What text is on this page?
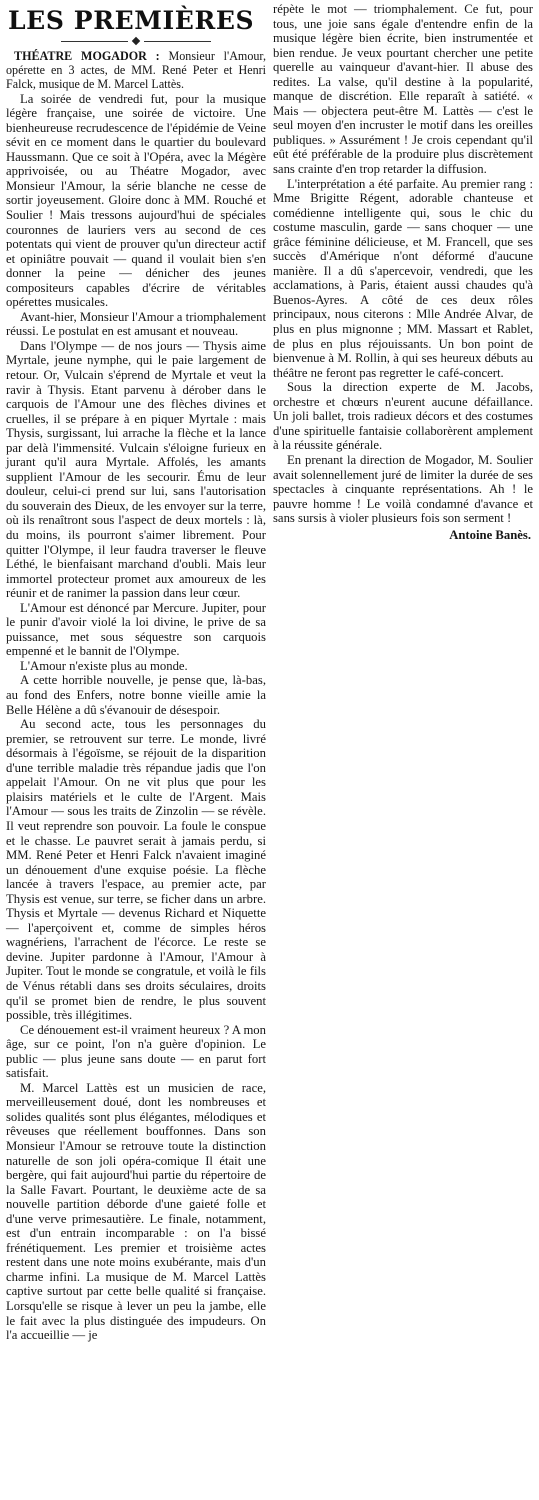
LES PREMIÈRES

THÉATRE MOGADOR : Monsieur l'Amour, opérette en 3 actes, de MM. René Peter et Henri Falck, musique de M. Marcel Lattès.

La soirée de vendredi fut, pour la musique légère française, une soirée de victoire. Une bienheureuse recrudescence de l'épidémie de Veine sévit en ce moment dans le quartier du boulevard Haussmann. Que ce soit à l'Opéra, avec la Mégère apprivoisée, ou au Théatre Mogador, avec Monsieur l'Amour, la série blanche ne cesse de sortir joyeusement. Gloire donc à MM. Rouché et Soulier ! Mais tressons aujourd'hui de spéciales couronnes de lauriers vers au second de ces potentats qui vient de prouver qu'un directeur actif et opiniâtre pouvait — quand il voulait bien s'en donner la peine — dénicher des jeunes compositeurs capables d'écrire de véritables opérettes musicales.

Avant-hier, Monsieur l'Amour a triomphalement réussi. Le postulat en est amusant et nouveau.

Dans l'Olympe — de nos jours — Thysis aime Myrtale, jeune nymphe, qui le paie largement de retour. Or, Vulcain s'éprend de Myrtale et veut la ravir à Thysis. Etant parvenu à dérober dans le carquois de l'Amour une des flèches divines et cruelles, il se prépare à en piquer Myrtale : mais Thysis, surgissant, lui arrache la flèche et la lance par delà l'immensité. Vulcain s'éloigne furieux en jurant qu'il aura Myrtale. Affolés, les amants supplient l'Amour de les secourir. Ému de leur douleur, celui-ci prend sur lui, sans l'autorisation du souverain des Dieux, de les envoyer sur la terre, où ils renaîtront sous l'aspect de deux mortels : là, du moins, ils pourront s'aimer librement. Pour quitter l'Olympe, il leur faudra traverser le fleuve Léthé, le bienfaisant marchand d'oubli. Mais leur immortel protecteur promet aux amoureux de les réunir et de ranimer la passion dans leur cœur.

L'Amour est dénoncé par Mercure. Jupiter, pour le punir d'avoir violé la loi divine, le prive de sa puissance, met sous séquestre son carquois empenné et le bannit de l'Olympe.

L'Amour n'existe plus au monde.

A cette horrible nouvelle, je pense que, là-bas, au fond des Enfers, notre bonne vieille amie la Belle Hélène a dû s'évanouir de désespoir.

Au second acte, tous les personnages du premier, se retrouvent sur terre. Le monde, livré désormais à l'égoïsme, se réjouit de la disparition d'une terrible maladie très répandue jadis que l'on appelait l'Amour. On ne vit plus que pour les plaisirs matériels et le culte de l'Argent. Mais l'Amour — sous les traits de Zinzolin — se révèle. Il veut reprendre son pouvoir. La foule le conspue et le chasse. Le pauvret serait à jamais perdu, si MM. René Peter et Henri Falck n'avaient imaginé un dénouement d'une exquise poésie. La flèche lancée à travers l'espace, au premier acte, par Thysis est venue, sur terre, se ficher dans un arbre. Thysis et Myrtale — devenus Richard et Niquette — l'aperçoivent et, comme de simples héros wagnériens, l'arrachent de l'écorce. Le reste se devine. Jupiter pardonne à l'Amour, l'Amour à Jupiter. Tout le monde se congratule, et voilà le fils de Vénus rétabli dans ses droits séculaires, droits qu'il se promet bien de rendre, le plus souvent possible, très illégitimes.

Ce dénouement est-il vraiment heureux ? A mon âge, sur ce point, l'on n'a guère d'opinion. Le public — plus jeune sans doute — en parut fort satisfait.

M. Marcel Lattès est un musicien de race, merveilleusement doué, dont les nombreuses et solides qualités sont plus élégantes, mélodiques et rêveuses que réellement bouffonnes. Dans son Monsieur l'Amour se retrouve toute la distinction naturelle de son joli opéra-comique Il était une bergère, qui fait aujourd'hui partie du répertoire de la Salle Favart. Pourtant, le deuxième acte de sa nouvelle partition déborde d'une gaieté folle et d'une verve primesautière. Le finale, notamment, est d'un entrain incomparable : on l'a bissé frénétiquement. Les premier et troisième actes restent dans une note moins exubérante, mais d'un charme infini. La musique de M. Marcel Lattès captive surtout par cette belle qualité si française. Lorsqu'elle se risque à lever un peu la jambe, elle le fait avec la plus distinguée des impudeurs. On l'a accueillie — je

répète le mot — triomphalement. Ce fut, pour tous, une joie sans égale d'entendre enfin de la musique légère bien écrite, bien instrumentée et bien rendue. Je veux pourtant chercher une petite querelle au vainqueur d'avant-hier. Il abuse des redites. La valse, qu'il destine à la popularité, manque de discrétion. Elle reparaît à satiété. « Mais — objectera peut-être M. Lattès — c'est le seul moyen d'en incruster le motif dans les oreilles publiques. » Assurément ! Je crois cependant qu'il eût été préférable de la produire plus discrètement sans crainte d'en trop retarder la diffusion.

L'interprétation a été parfaite. Au premier rang : Mme Brigitte Régent, adorable chanteuse et comédienne intelligente qui, sous le chic du costume masculin, garde — sans choquer — une grâce féminine délicieuse, et M. Francell, que ses succès d'Amérique n'ont déformé d'aucune manière. Il a dû s'apercevoir, vendredi, que les acclamations, à Paris, étaient aussi chaudes qu'à Buenos-Ayres. A côté de ces deux rôles principaux, nous citerons : Mlle Andrée Alvar, de plus en plus mignonne ; MM. Massart et Rablet, de plus en plus réjouissants. Un bon point de bienvenue à M. Rollin, à qui ses heureux débuts au théâtre ne feront pas regretter le café-concert.

Sous la direction experte de M. Jacobs, orchestre et chœurs n'eurent aucune défaillance. Un joli ballet, trois radieux décors et des costumes d'une spirituelle fantaisie collaborèrent amplement à la réussite générale.

En prenant la direction de Mogador, M. Soulier avait solennellement juré de limiter la durée de ses spectacles à cinquante représentations. Ah ! le pauvre homme ! Le voilà condamné d'avance et sans sursis à violer plusieurs fois son serment !

Antoine Banès.
